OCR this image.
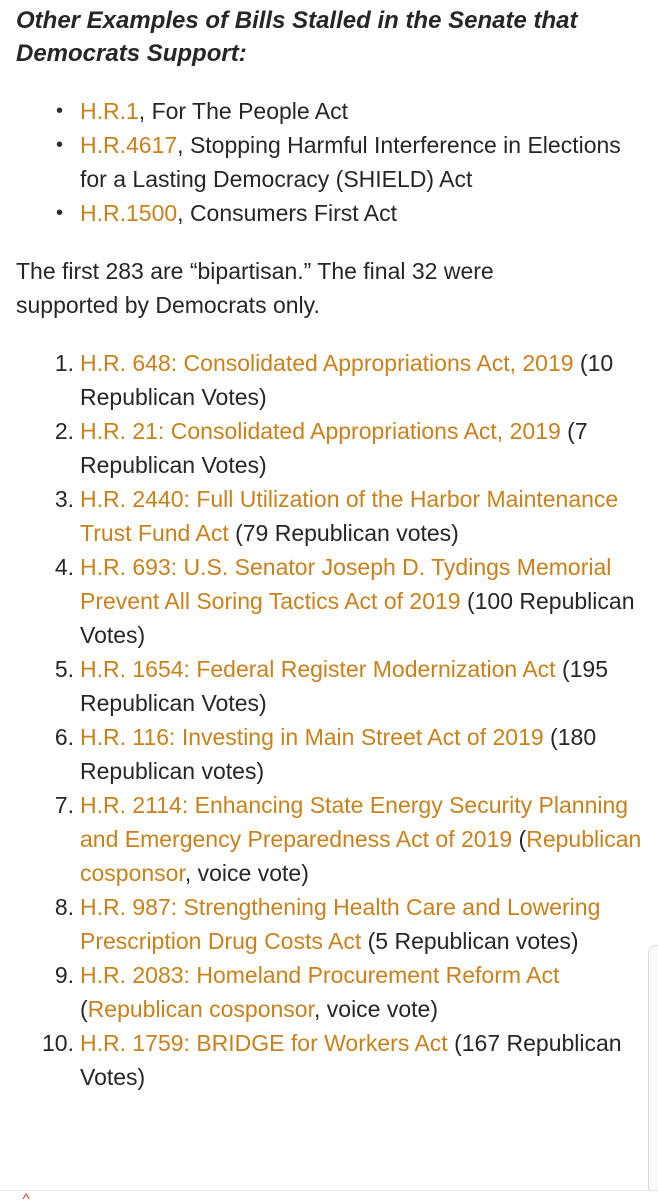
Other Examples of Bills Stalled in the Senate that Democrats Support:
• H.R.1, For The People Act
• H.R.4617, Stopping Harmful Interference in Elections for a Lasting Democracy (SHIELD) Act
• H.R.1500, Consumers First Act

The first 283 are “bipartisan.” The final 32 were supported by Democrats only.

1. H.R. 648: Consolidated Appropriations Act, 2019 (10 Republican Votes)
2. H.R. 21: Consolidated Appropriations Act, 2019 (7 Republican Votes)
3. H.R. 2440: Full Utilization of the Harbor Maintenance Trust Fund Act (79 Republican votes)
4. H.R. 693: U.S. Senator Joseph D. Tydings Memorial Prevent All Soring Tactics Act of 2019 (100 Republican Votes)
5. H.R. 1654: Federal Register Modernization Act (195 Republican Votes)
6. H.R. 116: Investing in Main Street Act of 2019 (180 Republican votes)
7. H.R. 2114: Enhancing State Energy Security Planning and Emergency Preparedness Act of 2019 (Republican cosponsor, voice vote)
8. H.R. 987: Strengthening Health Care and Lowering Prescription Drug Costs Act (5 Republican votes)
9. H.R. 2083: Homeland Procurement Reform Act (Republican cosponsor, voice vote)
10. H.R. 1759: BRIDGE for Workers Act (167 Republican Votes)
